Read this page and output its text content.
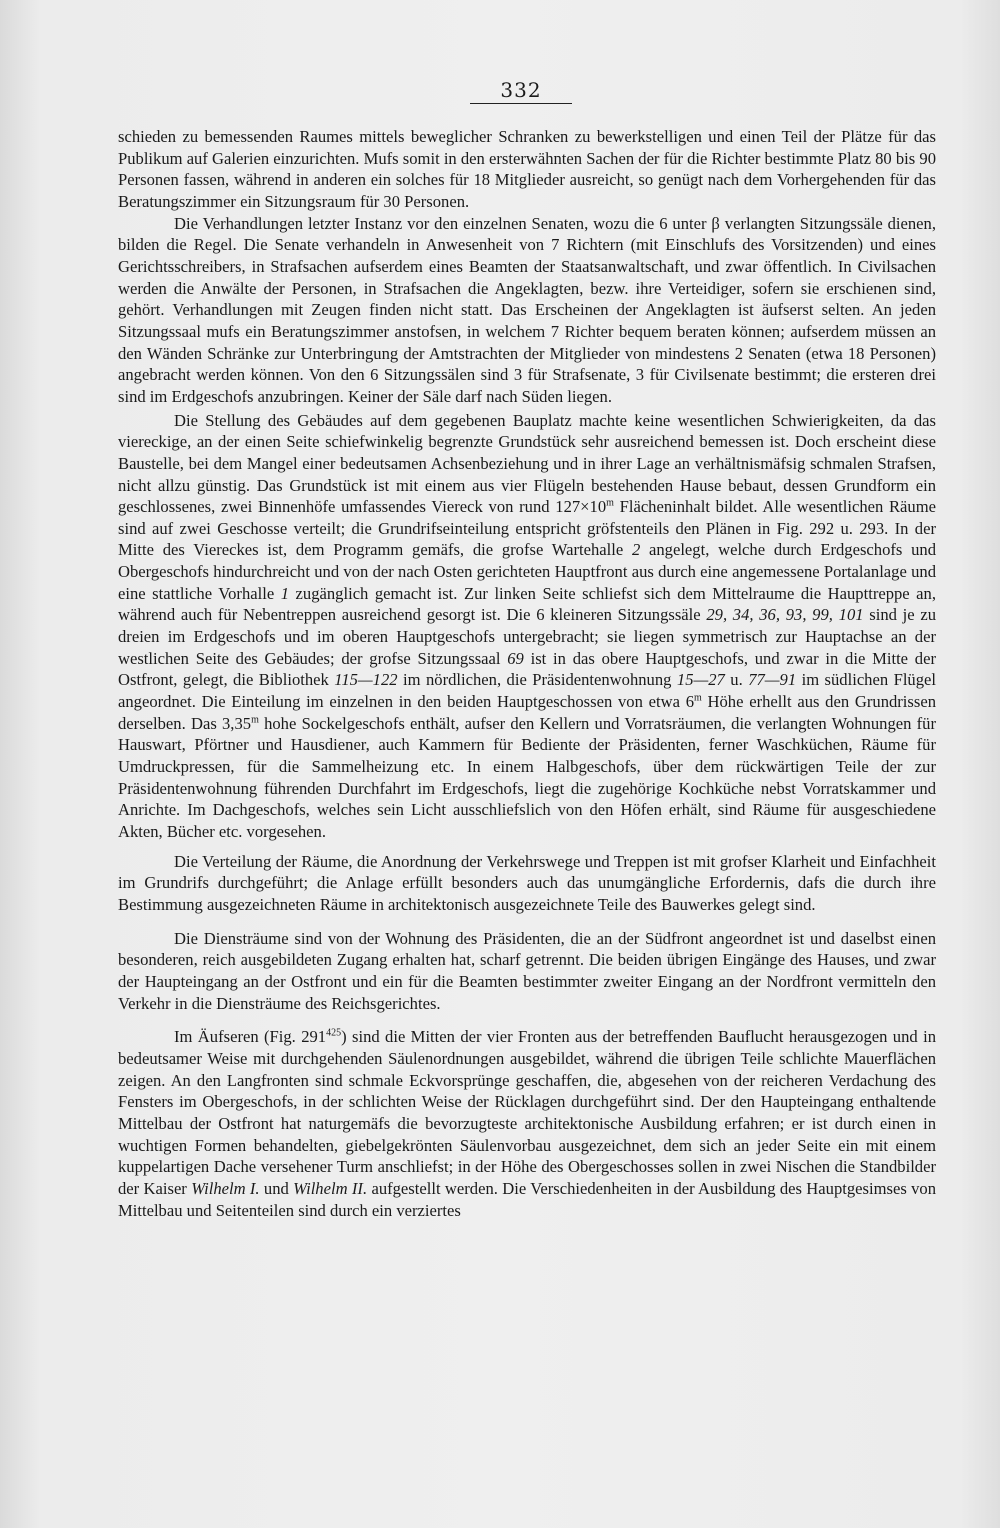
332

schieden zu bemessenden Raumes mittels beweglicher Schranken zu bewerkstelligen und einen Teil der Plätze für das Publikum auf Galerien einzurichten. Mufs somit in den ersterwähnten Sachen der für die Richter bestimmte Platz 80 bis 90 Personen fassen, während in anderen ein solches für 18 Mitglieder ausreicht, so genügt nach dem Vorhergehenden für das Beratungszimmer ein Sitzungsraum für 30 Personen.

Die Verhandlungen letzter Instanz vor den einzelnen Senaten, wozu die 6 unter β verlangten Sitzungssäle dienen, bilden die Regel. Die Senate verhandeln in Anwesenheit von 7 Richtern (mit Einschlufs des Vorsitzenden) und eines Gerichtsschreibers, in Strafsachen aufserdem eines Beamten der Staatsanwaltschaft, und zwar öffentlich. In Civilsachen werden die Anwälte der Personen, in Strafsachen die Angeklagten, bezw. ihre Verteidiger, sofern sie erschienen sind, gehört. Verhandlungen mit Zeugen finden nicht statt. Das Erscheinen der Angeklagten ist äufserst selten. An jeden Sitzungssaal mufs ein Beratungszimmer anstofsen, in welchem 7 Richter bequem beraten können; aufserdem müssen an den Wänden Schränke zur Unterbringung der Amtstrachten der Mitglieder von mindestens 2 Senaten (etwa 18 Personen) angebracht werden können. Von den 6 Sitzungssälen sind 3 für Strafsenate, 3 für Civilsenate bestimmt; die ersteren drei sind im Erdgeschofs anzubringen. Keiner der Säle darf nach Süden liegen.

Die Stellung des Gebäudes auf dem gegebenen Bauplatz machte keine wesentlichen Schwierigkeiten, da das viereckige, an der einen Seite schiefwinkelig begrenzte Grundstück sehr ausreichend bemessen ist. Doch erscheint diese Baustelle, bei dem Mangel einer bedeutsamen Achsenbeziehung und in ihrer Lage an verhältnismäfsig schmalen Strafsen, nicht allzu günstig. Das Grundstück ist mit einem aus vier Flügeln bestehenden Hause bebaut, dessen Grundform ein geschlossenes, zwei Binnenhöfe umfassendes Viereck von rund $127\times 10^m$ Flächeninhalt bildet. Alle wesentlichen Räume sind auf zwei Geschosse verteilt; die Grundrifseinteilung entspricht gröfstenteils den Plänen in Fig. 292 u. 293. In der Mitte des Viereckes ist, dem Programm gemäfs, die grofse Wartehalle 2 angelegt, welche durch Erdgeschofs und Obergeschofs hindurchreicht und von der nach Osten gerichteten Hauptfront aus durch eine angemessene Portalanlage und eine stattliche Vorhalle 1 zugänglich gemacht ist. Zur linken Seite schliefst sich dem Mittelraume die Haupttreppe an, während auch für Nebentreppen ausreichend gesorgt ist. Die 6 kleineren Sitzungssäle 29, 34, 36, 93, 99, 101 sind je zu dreien im Erdgeschofs und im oberen Hauptgeschofs untergebracht; sie liegen symmetrisch zur Hauptachse an der westlichen Seite des Gebäudes; der grofse Sitzungssaal 69 ist in das obere Hauptgeschofs, und zwar in die Mitte der Ostfront, gelegt, die Bibliothek 115—122 im nördlichen, die Präsidentenwohnung 15—27 u. 77—91 im südlichen Flügel angeordnet. Die Einteilung im einzelnen in den beiden Hauptgeschossen von etwa 6$^m$ Höhe erhellt aus den Grundrissen derselben. Das 3,35$^m$ hohe Sockelgeschofs enthält, aufser den Kellern und Vorratsräumen, die verlangten Wohnungen für Hauswart, Pförtner und Hausdiener, auch Kammern für Bediente der Präsidenten, ferner Waschküchen, Räume für Umdruckpressen, für die Sammelheizung etc. In einem Halbgeschofs, über dem rückwärtigen Teile der zur Präsidentenwohnung führenden Durchfahrt im Erdgeschofs, liegt die zugehörige Kochküche nebst Vorratskammer und Anrichte. Im Dachgeschofs, welches sein Licht ausschliefslich von den Höfen erhält, sind Räume für ausgeschiedene Akten, Bücher etc. vorgesehen.

Die Verteilung der Räume, die Anordnung der Verkehrswege und Treppen ist mit grofser Klarheit und Einfachheit im Grundrifs durchgeführt; die Anlage erfüllt besonders auch das unumgängliche Erfordernis, dafs die durch ihre Bestimmung ausgezeichneten Räume in architektonisch ausgezeichnete Teile des Bauwerkes gelegt sind.

Die Diensträume sind von der Wohnung des Präsidenten, die an der Südfront angeordnet ist und daselbst einen besonderen, reich ausgebildeten Zugang erhalten hat, scharf getrennt. Die beiden übrigen Eingänge des Hauses, und zwar der Haupteingang an der Ostfront und ein für die Beamten bestimmter zweiter Eingang an der Nordfront vermitteln den Verkehr in die Diensträume des Reichsgerichtes.

Im Äufseren (Fig. $291^{425}$) sind die Mitten der vier Fronten aus der betreffenden Bauflucht herausgezogen und in bedeutsamer Weise mit durchgehenden Säulenordnungen ausgebildet, während die übrigen Teile schlichte Mauerflächen zeigen. An den Langfronten sind schmale Eckvorsprünge geschaffen, die, abgesehen von der reicheren Verdachung des Fensters im Obergeschofs, in der schlichten Weise der Rücklagen durchgeführt sind. Der den Haupteingang enthaltende Mittelbau der Ostfront hat naturgemäfs die bevorzugteste architektonische Ausbildung erfahren; er ist durch einen in wuchtigen Formen behandelten, giebelgekrönten Säulenvorbau ausgezeichnet, dem sich an jeder Seite ein mit einem kuppelartigen Dache versehener Turm anschliefst; in der Höhe des Obergeschosses sollen in zwei Nischen die Standbilder der Kaiser Wilhelm I. und Wilhelm II. aufgestellt werden. Die Verschiedenheiten in der Ausbildung des Hauptgesimses von Mittelbau und Seitenteilen sind durch ein verziertes
